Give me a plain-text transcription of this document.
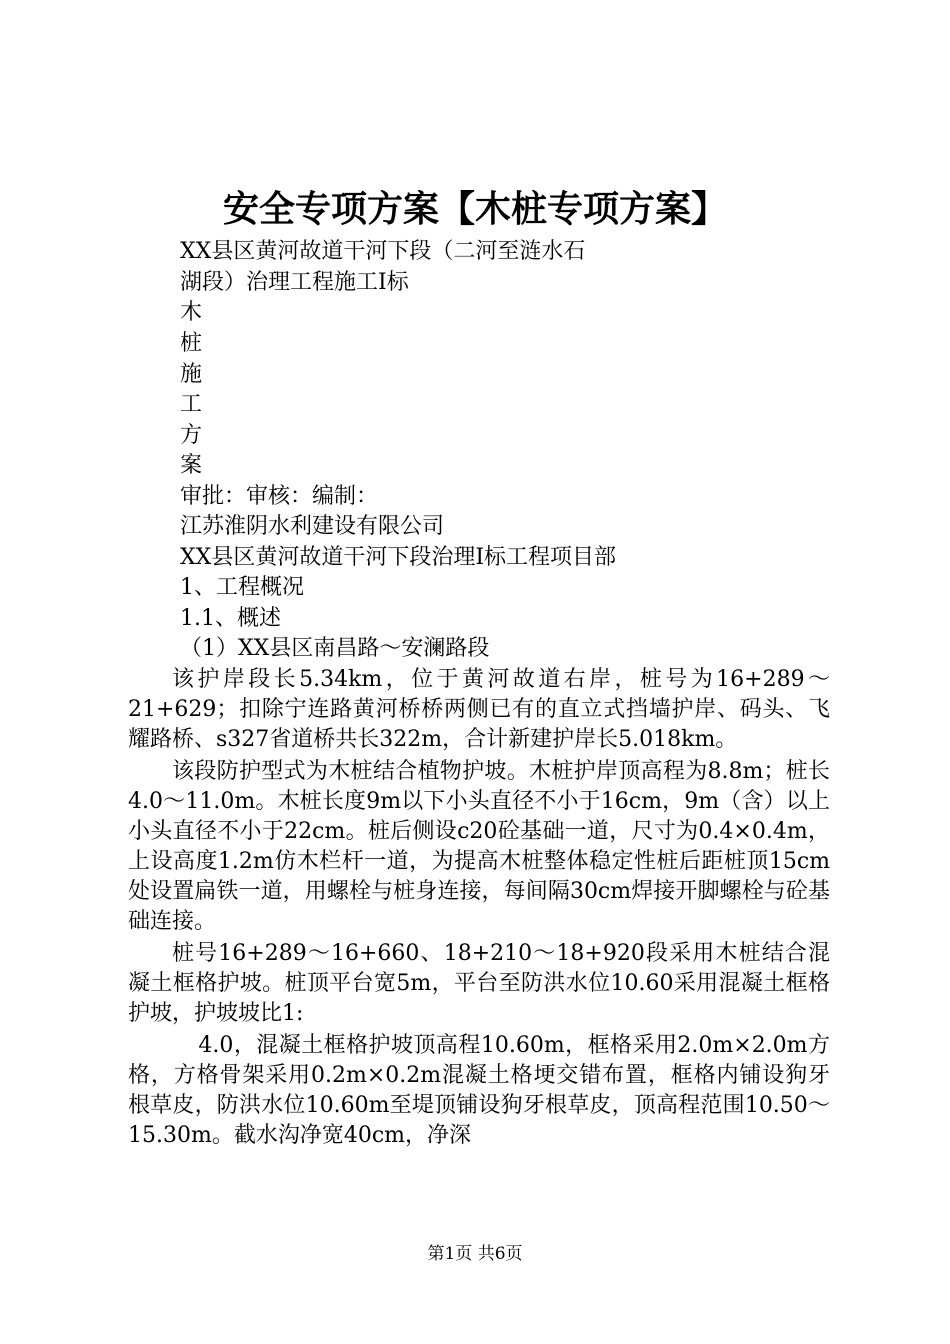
安全专项方案【木桩专项方案】
XX县区黄河故道干河下段（二河至涟水石
湖段）治理工程施工Ⅰ标
木
桩
施
工
方
案
审批：审核：编制：
江苏淮阴水利建设有限公司
XX县区黄河故道干河下段治理Ⅰ标工程项目部
1、工程概况
1.1、概述
（1）XX县区南昌路～安澜路段

该护岸段长5.34km，位于黄河故道右岸，桩号为16+289～21+629；扣除宁连路黄河桥桥两侧已有的直立式挡墙护岸、码头、飞耀路桥、s327省道桥共长322m，合计新建护岸长5.018km。

该段防护型式为木桩结合植物护坡。木桩护岸顶高程为8.8m；桩长4.0～11.0m。木桩长度9m以下小头直径不小于16cm，9m（含）以上小头直径不小于22cm。桩后侧设c20砼基础一道，尺寸为0.4×0.4m，上设高度1.2m仿木栏杆一道，为提高木桩整体稳定性桩后距桩顶15cm处设置扁铁一道，用螺栓与桩身连接，每间隔30cm焊接开脚螺栓与砼基础连接。

桩号16+289～16+660、18+210～18+920段采用木桩结合混凝土框格护坡。桩顶平台宽5m，平台至防洪水位10.60采用混凝土框格护坡，护坡坡比1:

4.0，混凝土框格护坡顶高程10.60m，框格采用2.0m×2.0m方格，方格骨架采用0.2m×0.2m混凝土格埂交错布置，框格内铺设狗牙根草皮，防洪水位10.60m至堤顶铺设狗牙根草皮，顶高程范围10.50～15.30m。截水沟净宽40cm，净深

第1页 共6页
